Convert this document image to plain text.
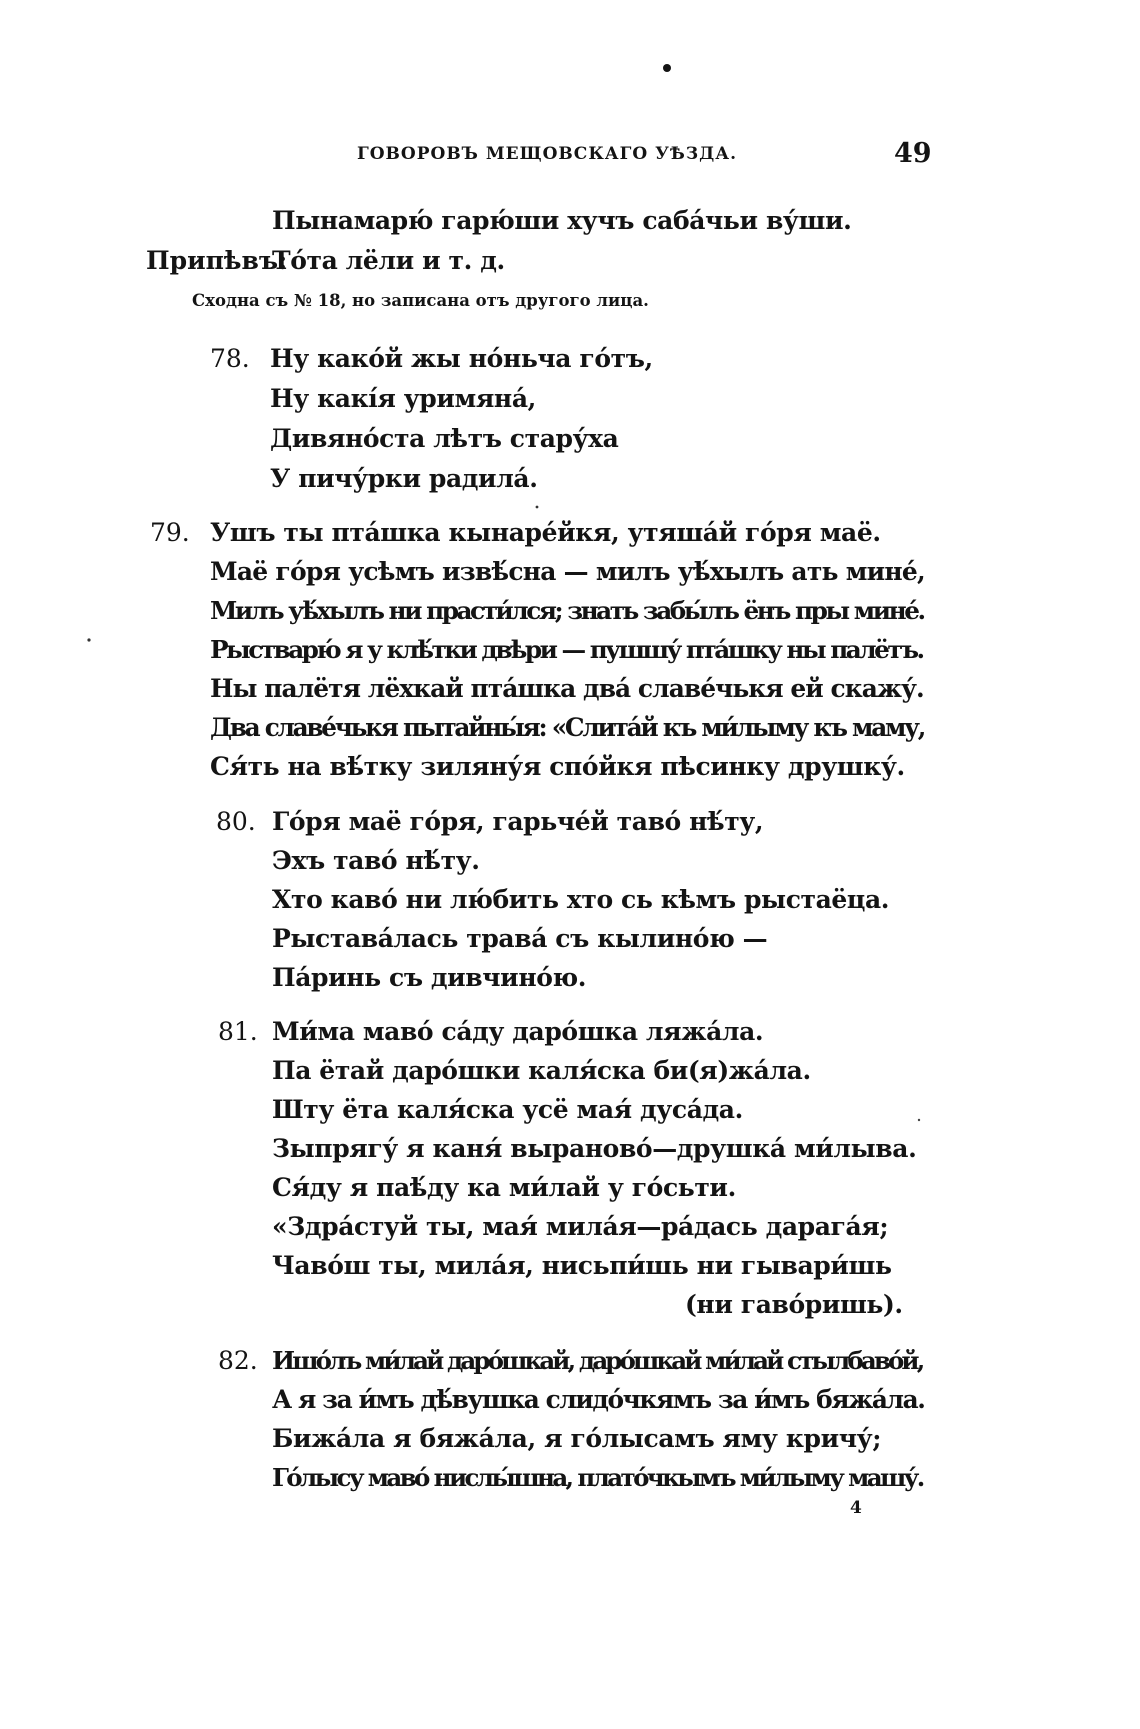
ГОВОРОВЪ МЕЩОВСКАГО УѢЗДА.	49
Пынамарю́ гарю́ши хучъ саба́чьи ву́ши.
Припѣвъ:
То́та лёли и т. д.
Сходна съ № 18, но записана отъ другого лица.
78. Ну како́й жы но́ньча го́тъ,
Ну какі́я уримяна́,
Дивяно́ста лѣтъ стару́ха
У пичу́рки радила́.
79. Ушъ ты пта́шка кынаре́йкя, утяша́й го́ря маё.
Маё го́ря усѣмъ извѣ́сна — милъ уѣ́хылъ ать мине́,
Милъ уѣ́хылъ ни прасти́лся; знать забы́лъ ёнъ пры мине́.
Рыстварю́ я у клѣ́тки двѣри — пушшу́ пта́шку ны палётъ.
Ны палётя лёхкай пта́шка два́ славе́чькя ей скажу́.
Два славе́чькя пытайны́я: «Слита́й къ ми́лыму къ маму,
Ся́ть на вѣ́тку зиляну́я спо́йкя пѣсинку друшку́.
80. Го́ря маё го́ря, гарьче́й таво́ нѣ́ту,
Эхъ таво́ нѣ́ту.
Хто каво́ ни лю́бить хто сь кѣмъ рыстаёца.
Рыстава́лась трава́ съ кылино́ю —
Па́ринь съ дивчино́ю.
81. Ми́ма маво́ са́ду даро́шка ляжа́ла.
Па ётай даро́шки каля́ска би(я)жа́ла.
Шту ёта каля́ска усё мая́ дуса́да.
Зыпрягу́ я каня́ выраново́—друшка́ ми́лыва.
Ся́ду я паѣ́ду ка ми́лай у го́сьти.
«Здра́стуй ты, мая́ мила́я—ра́дась дарага́я;
Чаво́ш ты, мила́я, нисьпи́шь ни гывари́шь
(ни гаво́ришь).
82. Ишо́лъ ми́лай даро́шкай, даро́шкай ми́лай стылбаво́й,
А я за и́мъ дѣ́вушка слидо́чкямъ за и́мъ бяжа́ла.
Бижа́ла я бяжа́ла, я го́лысамъ яму кричу́;
Го́лысу маво́ нислы́шна, плато́чкымъ ми́лыму машу́.
4
